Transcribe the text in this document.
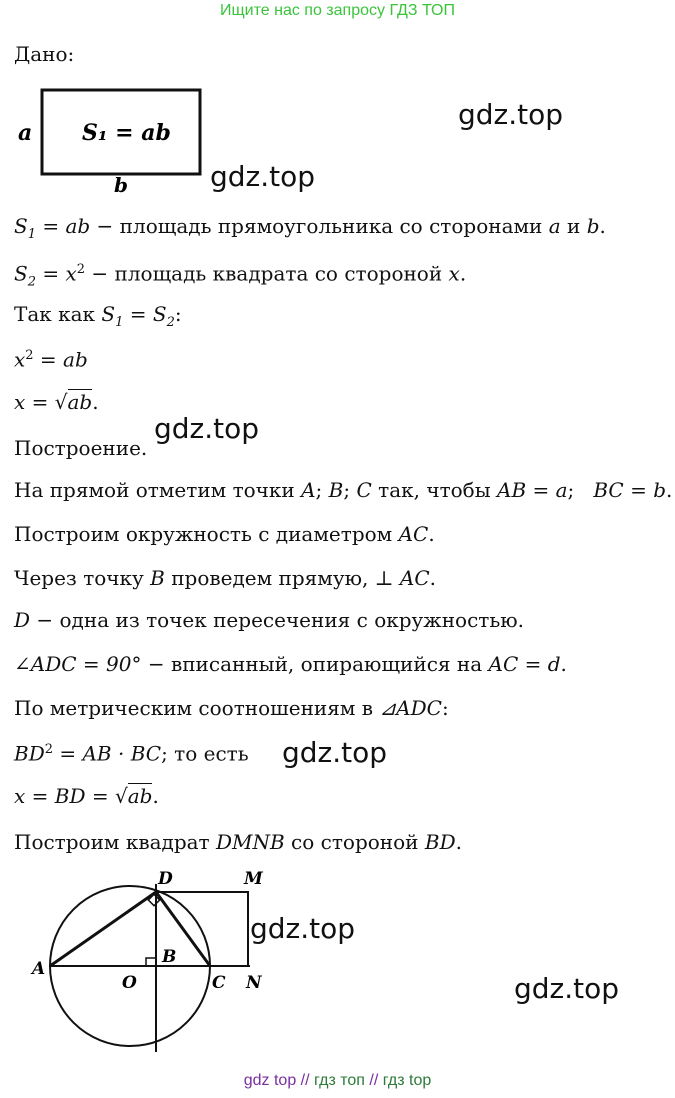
Ищите нас по запросу ГДЗ ТОП
Дано:
a
b
S₁ = ab
gdz.top
gdz.top
$S_1$ = ab − площадь прямоугольника со сторонами a и b.
$S_2 = x^2$ − площадь квадрата со стороной x.
Так как $S_1 = S_2$:
$x^2$ = ab
x = √ab.
gdz.top
Построение.
На прямой отметим точки A; B; C так, чтобы AB = a;   BC = b.
Построим окружность с диаметром AC.
Через точку B проведем прямую, ⊥ AC.
D − одна из точек пересечения с окружностью.
∠ADC = 90° − вписанный, опирающийся на AC = d.
По метрическим соотношениям в ⊿ADC:
$BD^2$ = AB · BC; то есть gdz.top
x = BD = √ab.
Построим квадрат DMNB со стороной BD.
D	M
A
O
B
C N
gdz.top
gdz.top
gdz top // гдз топ // гдз top
